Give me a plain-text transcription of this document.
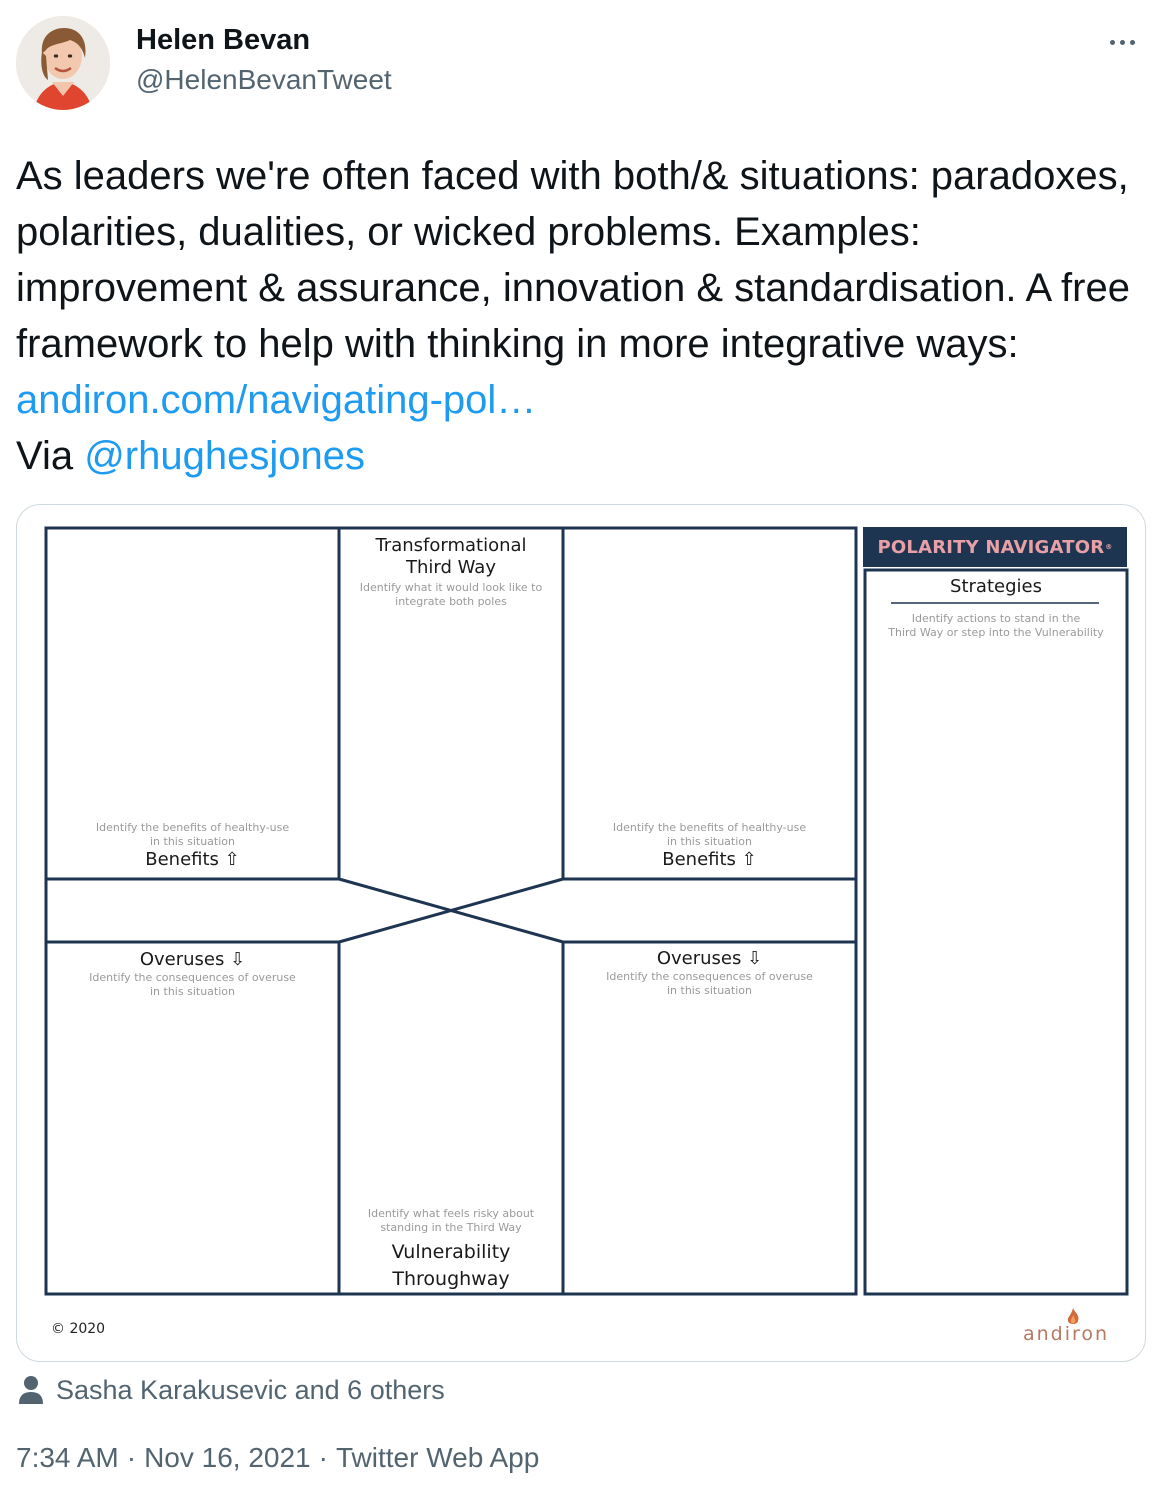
Helen Bevan
@HelenBevanTweet
As leaders we're often faced with both/& situations: paradoxes, polarities, dualities, or wicked problems. Examples: improvement & assurance, innovation & standardisation. A free framework to help with thinking in more integrative ways: andiron.com/navigating-pol…
Via @rhughesjones
POLARITY NAVIGATOR ®
Transformational
Third Way
Identify what it would look like to
integrate both poles
Identify the benefits of healthy-use
in this situation
Benefits ⇧
Identify the benefits of healthy-use
in this situation
Benefits ⇧
Overuses ⇩
Identify the consequences of overuse
in this situation
Overuses ⇩
Identify the consequences of overuse
in this situation
Identify what feels risky about
standing in the Third Way
Vulnerability
Throughway
Strategies
Identify actions to stand in the
Third Way or step into the Vulnerability
© 2020	andiron
Sasha Karakusevic and 6 others
7:34 AM · Nov 16, 2021 · Twitter Web App
